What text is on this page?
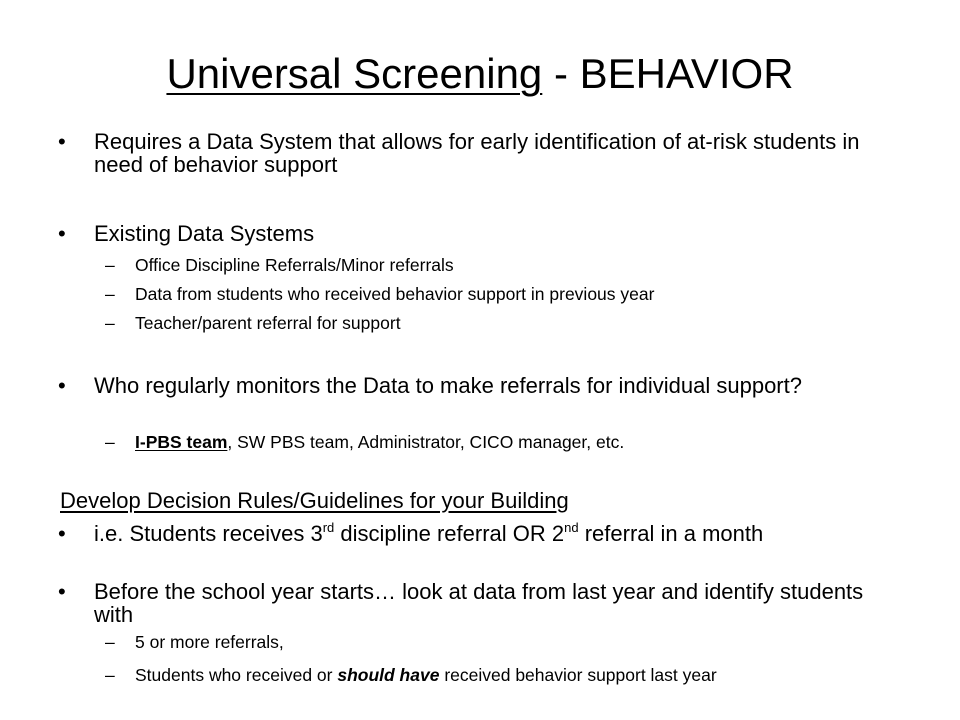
Universal Screening - BEHAVIOR
• Requires a Data System that allows for early identification of at-risk students in need of behavior support
• Existing Data Systems
– Office Discipline Referrals/Minor referrals
– Data from students who received behavior support in previous year
– Teacher/parent referral for support
• Who regularly monitors the Data to make referrals for individual support?
– I-PBS team, SW PBS team, Administrator, CICO manager, etc.
Develop Decision Rules/Guidelines for your Building
• i.e. Students receives 3rd discipline referral OR 2nd referral in a month
• Before the school year starts… look at data from last year and identify students with
– 5 or more referrals,
– Students who received or should have received behavior support last year
